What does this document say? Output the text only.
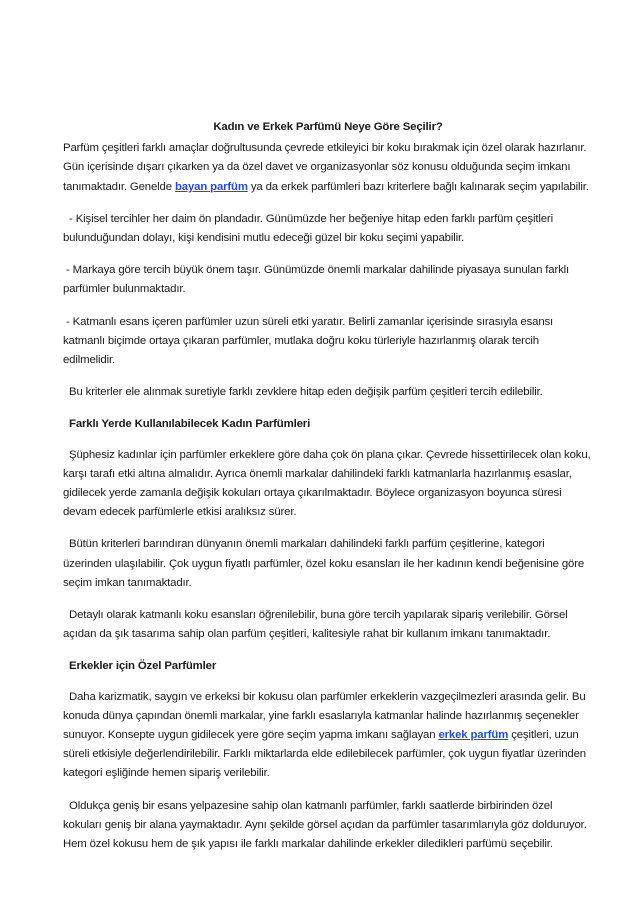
Kadın ve Erkek Parfümü Neye Göre Seçilir?

Parfüm çeşitleri farklı amaçlar doğrultusunda çevrede etkileyici bir koku bırakmak için özel olarak hazırlanır. Gün içerisinde dışarı çıkarken ya da özel davet ve organizasyonlar söz konusu olduğunda seçim imkanı tanımaktadır. Genelde bayan parfüm ya da erkek parfümleri bazı kriterlere bağlı kalınarak seçim yapılabilir.

- Kişisel tercihler her daim ön plandadır. Günümüzde her beğeniye hitap eden farklı parfüm çeşitleri bulunduğundan dolayı, kişi kendisini mutlu edeceği güzel bir koku seçimi yapabilir.

- Markaya göre tercih büyük önem taşır. Günümüzde önemli markalar dahilinde piyasaya sunulan farklı parfümler bulunmaktadır.

- Katmanlı esans içeren parfümler uzun süreli etki yaratır. Belirli zamanlar içerisinde sırasıyla esansı katmanlı biçimde ortaya çıkaran parfümler, mutlaka doğru koku türleriyle hazırlanmış olarak tercih edilmelidir.

Bu kriterler ele alınmak suretiyle farklı zevklere hitap eden değişik parfüm çeşitleri tercih edilebilir.

Farklı Yerde Kullanılabilecek Kadın Parfümleri

Şüphesiz kadınlar için parfümler erkeklere göre daha çok ön plana çıkar. Çevrede hissettirilecek olan koku, karşı tarafı etki altına almalıdır. Ayrıca önemli markalar dahilindeki farklı katmanlarla hazırlanmış esaslar, gidilecek yerde zamanla değişik kokuları ortaya çıkarılmaktadır. Böylece organizasyon boyunca süresi devam edecek parfümlerle etkisi aralıksız sürer.

Bütün kriterleri barındıran dünyanın önemli markaları dahilindeki farklı parfüm çeşitlerine, kategori üzerinden ulaşılabilir. Çok uygun fiyatlı parfümler, özel koku esansları ile her kadının kendi beğenisine göre seçim imkan tanımaktadır.

Detaylı olarak katmanlı koku esansları öğrenilebilir, buna göre tercih yapılarak sipariş verilebilir. Görsel açıdan da şık tasarıma sahip olan parfüm çeşitleri, kalitesiyle rahat bir kullanım imkanı tanımaktadır.

Erkekler için Özel Parfümler

Daha karizmatik, saygın ve erkeksi bir kokusu olan parfümler erkeklerin vazgeçilmezleri arasında gelir. Bu konuda dünya çapından önemli markalar, yine farklı esaslarıyla katmanlar halinde hazırlanmış seçenekler sunuyor. Konsepte uygun gidilecek yere göre seçim yapma imkanı sağlayan erkek parfüm çeşitleri, uzun süreli etkisiyle değerlendirilebilir. Farklı miktarlarda elde edilebilecek parfümler, çok uygun fiyatlar üzerinden kategori eşliğinde hemen sipariş verilebilir.

Oldukça geniş bir esans yelpazesine sahip olan katmanlı parfümler, farklı saatlerde birbirinden özel kokuları geniş bir alana yaymaktadır. Aynı şekilde görsel açıdan da parfümler tasarımlarıyla göz dolduruyor. Hem özel kokusu hem de şık yapısı ile farklı markalar dahilinde erkekler diledikleri parfümü seçebilir.
